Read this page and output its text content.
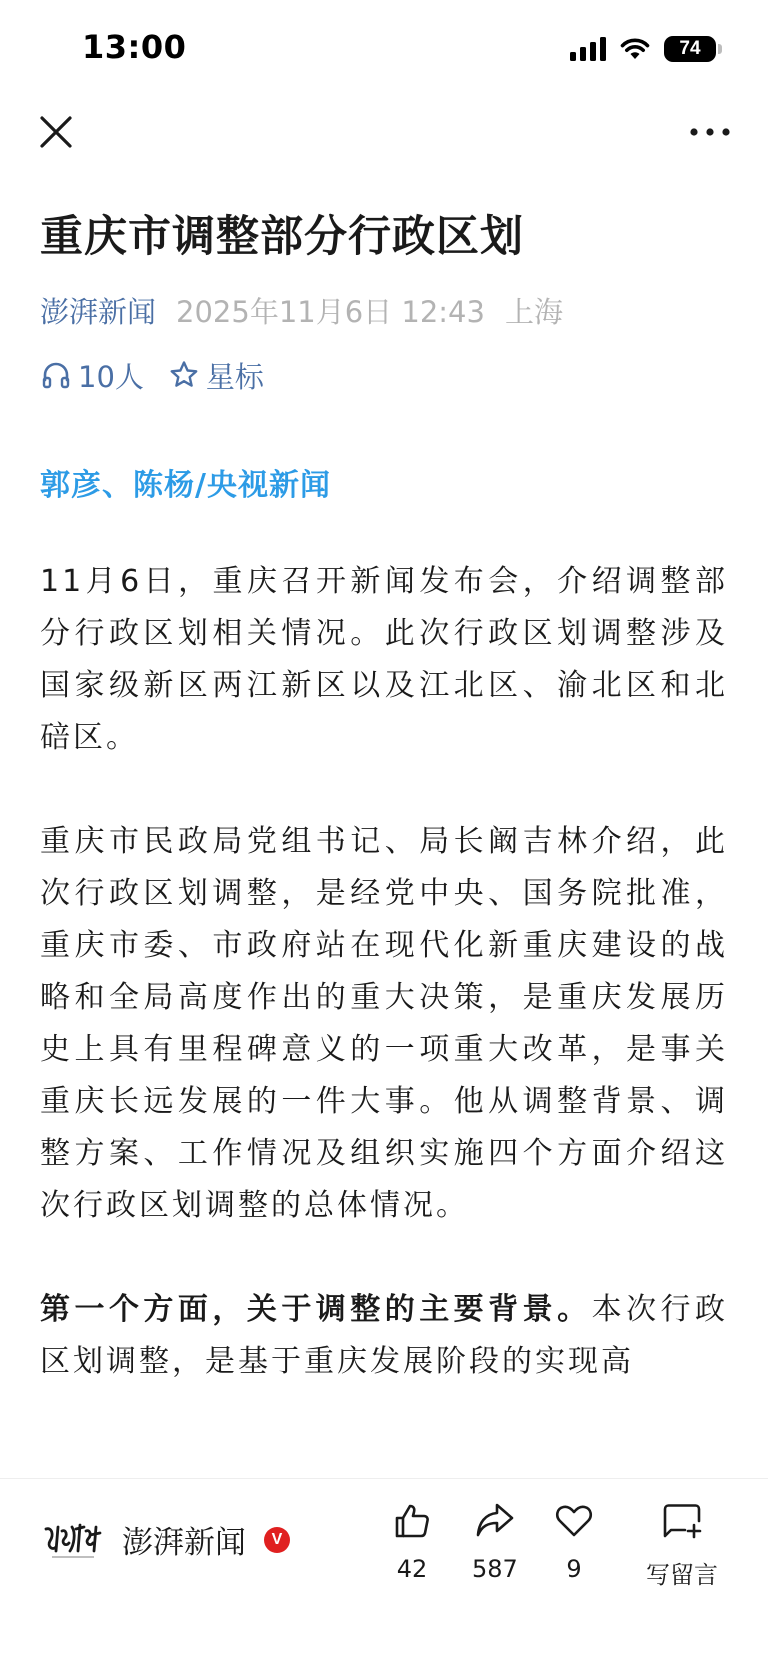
13:00	74
重庆市调整部分行政区划
澎湃新闻 2025年11月6日 12:43 上海
10人 星标
郭彦、陈杨/央视新闻

11月6日，重庆召开新闻发布会，介绍调整部分行政区划相关情况。此次行政区划调整涉及国家级新区两江新区以及江北区、渝北区和北碚区。

重庆市民政局党组书记、局长阚吉林介绍，此次行政区划调整，是经党中央、国务院批准，重庆市委、市政府站在现代化新重庆建设的战略和全局高度作出的重大决策，是重庆发展历史上具有里程碑意义的一项重大改革，是事关重庆长远发展的一件大事。他从调整背景、调整方案、工作情况及组织实施四个方面介绍这次行政区划调整的总体情况。

第一个方面，关于调整的主要背景。本次行政区划调整，是基于重庆发展阶段的实现高

澎湃新闻	V
42 587 9	写留言
